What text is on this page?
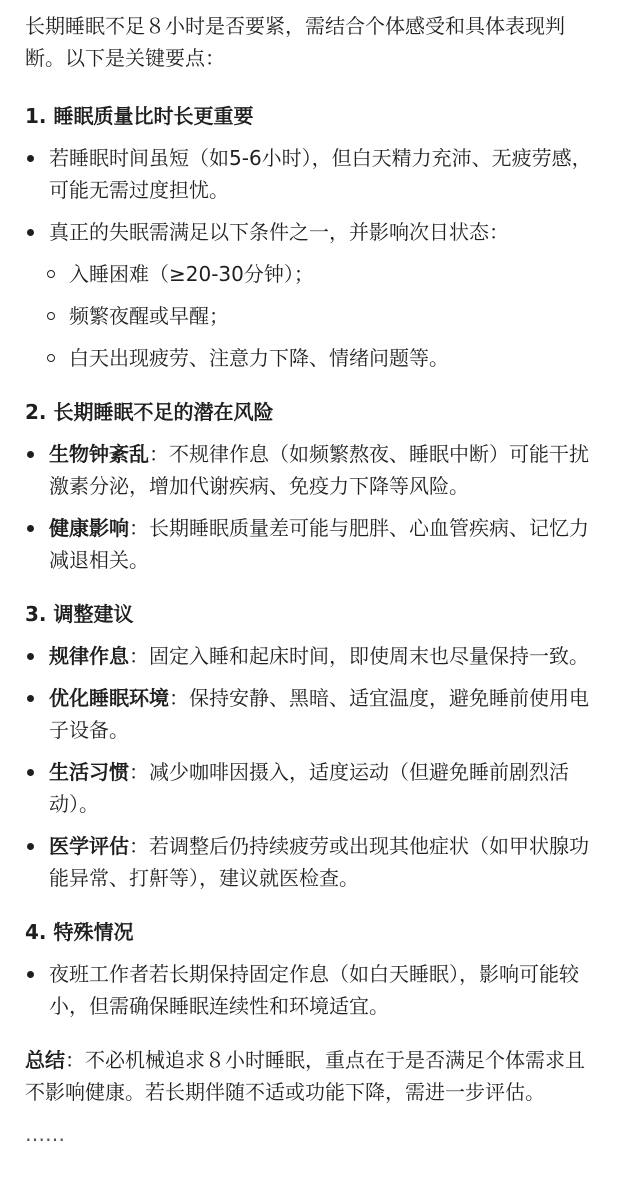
长期睡眠不足８小时是否要紧，需结合个体感受和具体表现判断。以下是关键要点：

1. 睡眠质量比时长更重要

若睡眠时间虽短（如5-6小时），但白天精力充沛、无疲劳感，可能无需过度担忧。
真正的失眠需满足以下条件之一，并影响次日状态：
入睡困难（≥20-30分钟）；
频繁夜醒或早醒；
白天出现疲劳、注意力下降、情绪问题等。

2. 长期睡眠不足的潜在风险

生物钟紊乱：不规律作息（如频繁熬夜、睡眠中断）可能干扰激素分泌，增加代谢疾病、免疫力下降等风险。
健康影响：长期睡眠质量差可能与肥胖、心血管疾病、记忆力减退相关。

3. 调整建议

规律作息：固定入睡和起床时间，即使周末也尽量保持一致。
优化睡眠环境：保持安静、黑暗、适宜温度，避免睡前使用电子设备。
生活习惯：减少咖啡因摄入，适度运动（但避免睡前剧烈活动）。
医学评估：若调整后仍持续疲劳或出现其他症状（如甲状腺功能异常、打鼾等），建议就医检查。

4. 特殊情况

夜班工作者若长期保持固定作息（如白天睡眠），影响可能较小，但需确保睡眠连续性和环境适宜。

总结：不必机械追求８小时睡眠，重点在于是否满足个体需求且不影响健康。若长期伴随不适或功能下降，需进一步评估。

……
